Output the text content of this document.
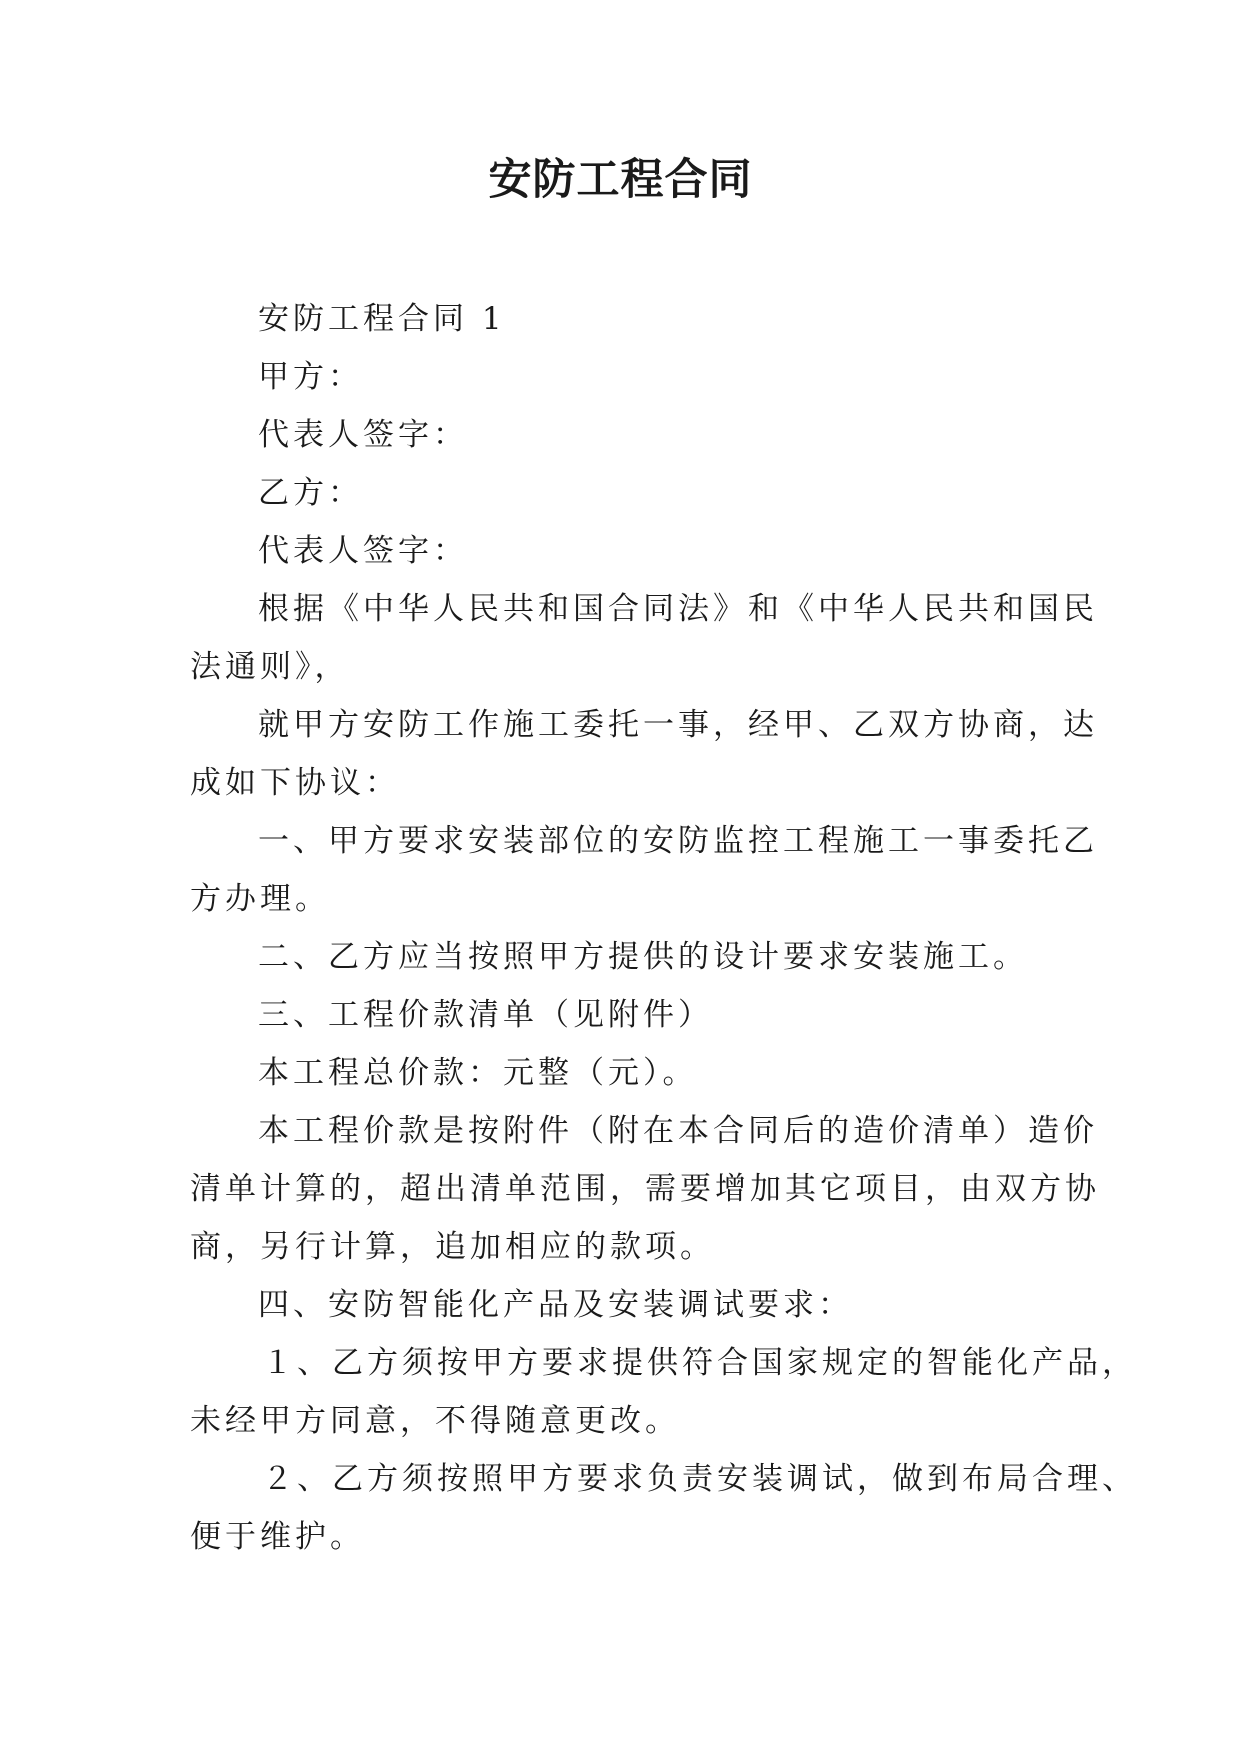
安防工程合同
安防工程合同 1
甲方：
代表人签字：
乙方：
代表人签字：
根据《中华人民共和国合同法》和《中华人民共和国民
法通则》，
就甲方安防工作施工委托一事，经甲、乙双方协商，达
成如下协议：
一、甲方要求安装部位的安防监控工程施工一事委托乙
方办理。
二、乙方应当按照甲方提供的设计要求安装施工。
三、工程价款清单（见附件）
本工程总价款：元整（元）。
本工程价款是按附件（附在本合同后的造价清单）造价
清单计算的，超出清单范围，需要增加其它项目，由双方协
商，另行计算，追加相应的款项。
四、安防智能化产品及安装调试要求：
１、乙方须按甲方要求提供符合国家规定的智能化产品，
未经甲方同意，不得随意更改。
２、乙方须按照甲方要求负责安装调试，做到布局合理、
便于维护。
